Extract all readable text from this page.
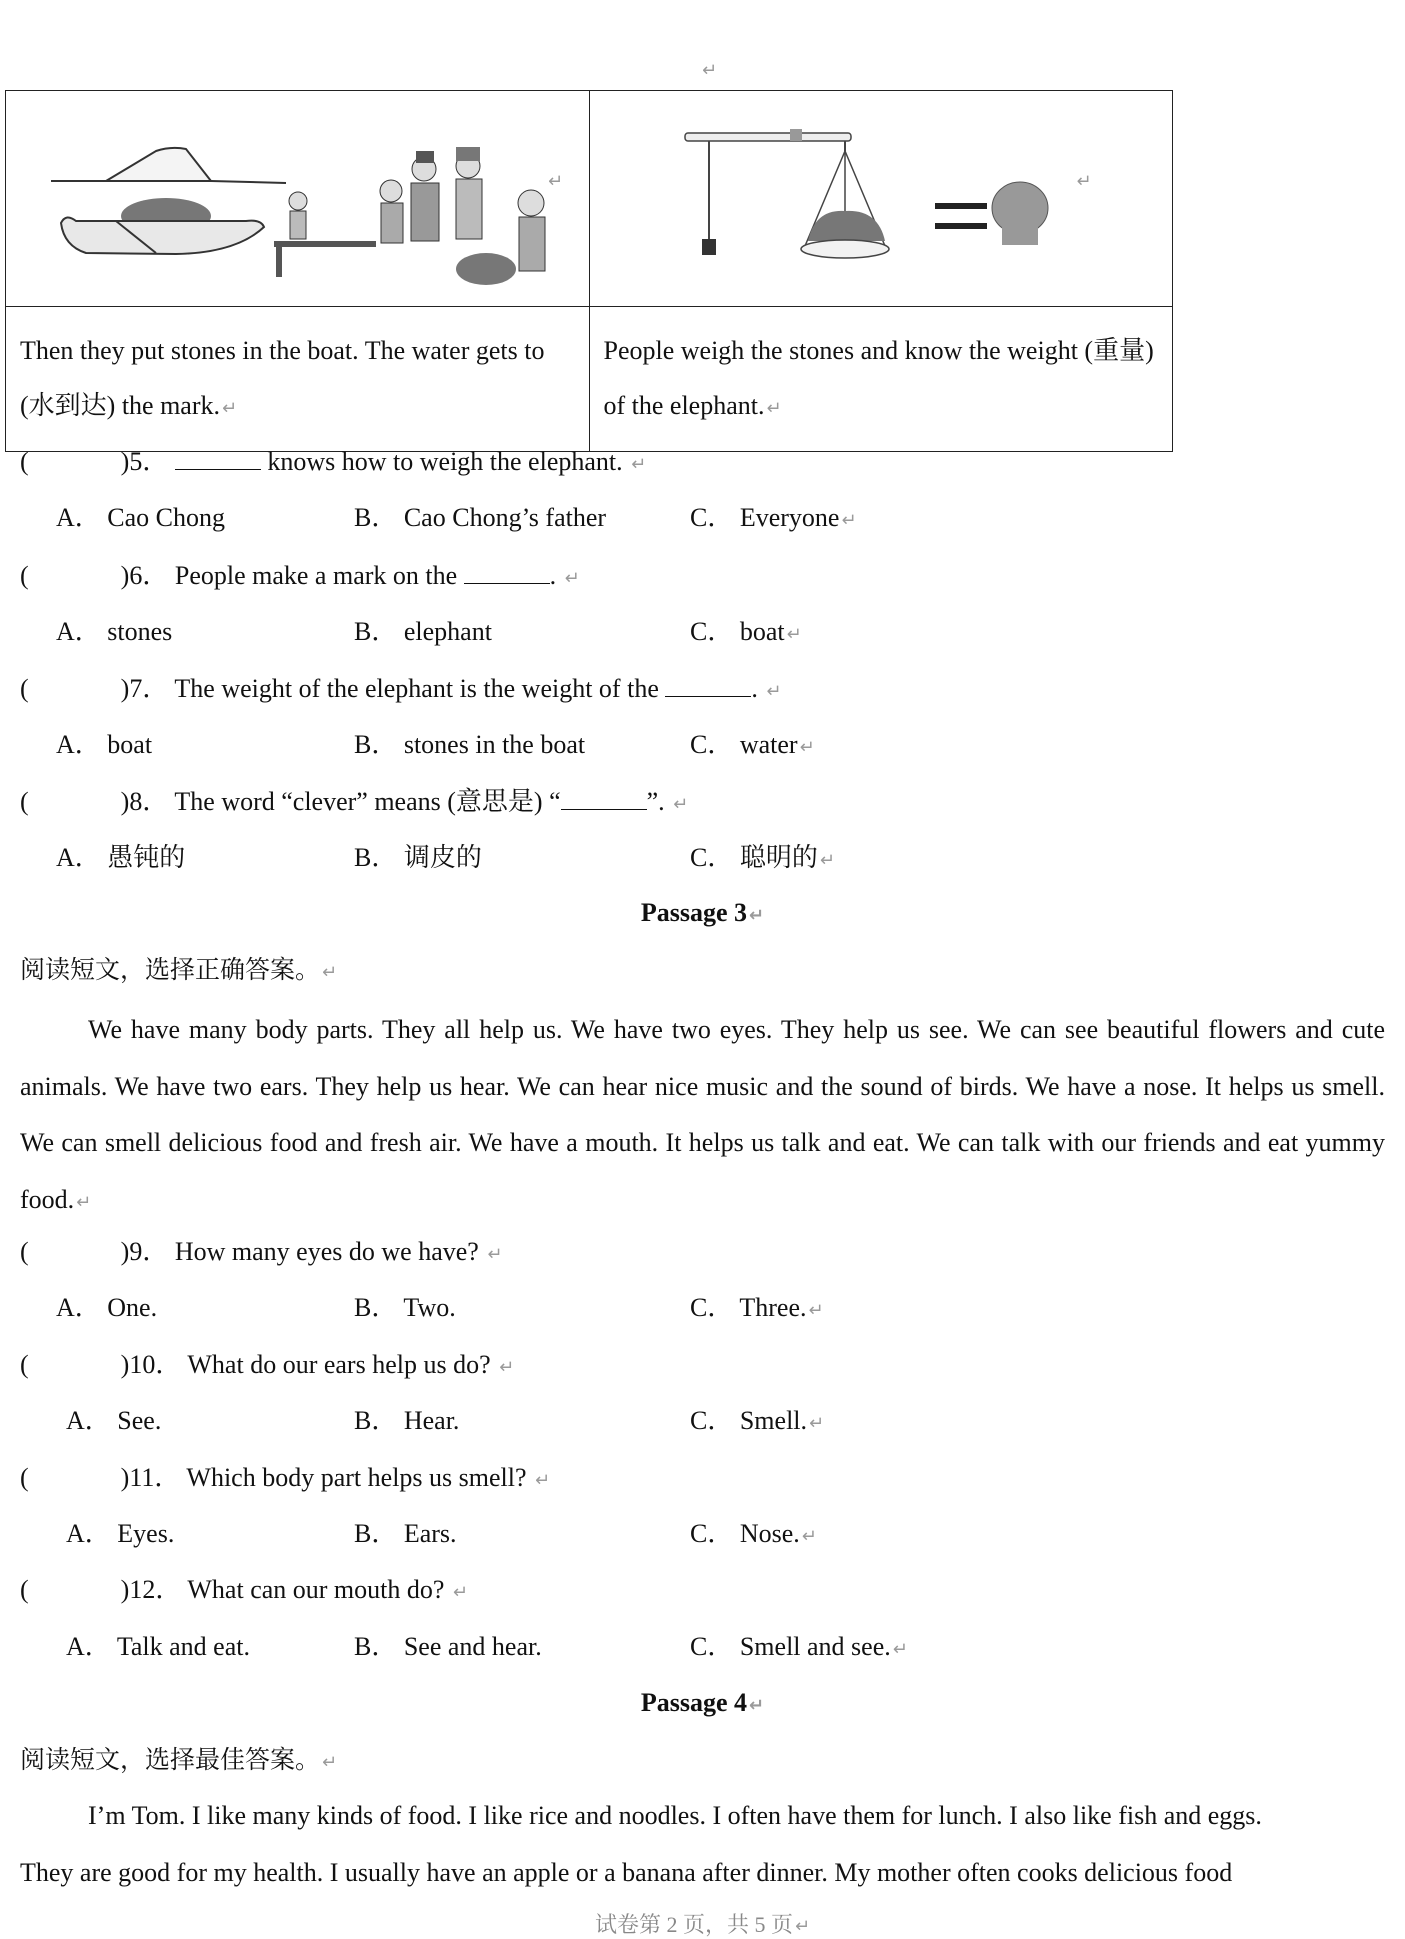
↵
↵	↵

Then they put stones in the boat. The water gets to (水到达) the mark. ↵	People weigh the stones and know the weight (重量) of the elephant. ↵
(	)5．	knows how to weigh the elephant. ↵
A． Cao Chong	B． Cao Chong’s father	C． Everyone ↵
(	)6． People make a mark on the	. ↵
A． stones	B． elephant	C． boat ↵
(	)7． The weight of the elephant is the weight of the	. ↵
A． boat	B． stones in the boat	C． water ↵
(	)8． The word “clever” means (意思是) “	”. ↵
A． 愚钝的	B． 调皮的	C． 聪明的 ↵
Passage 3 ↵
阅读短文，选择正确答案。 ↵
We have many body parts. They all help us. We have two eyes. They help us see. We can see beautiful flowers and cute animals. We have two ears. They help us hear. We can hear nice music and the sound of birds. We have a nose. It helps us smell. We can smell delicious food and fresh air. We have a mouth. It helps us talk and eat. We can talk with our friends and eat yummy food. ↵
(	)9． How many eyes do we have? ↵
A． One.	B． Two.	C． Three. ↵
(	)10． What do our ears help us do? ↵
A． See.	B． Hear.	C． Smell. ↵
(	)11． Which body part helps us smell? ↵
A． Eyes.	B． Ears.	C． Nose. ↵
(	)12． What can our mouth do? ↵
A． Talk and eat.	B． See and hear.	C． Smell and see. ↵
Passage 4 ↵
阅读短文，选择最佳答案。 ↵
I’m Tom. I like many kinds of food. I like rice and noodles. I often have them for lunch. I also like fish and eggs.
They are good for my health. I usually have an apple or a banana after dinner. My mother often cooks delicious food
试卷第 2 页，共 5 页 ↵
